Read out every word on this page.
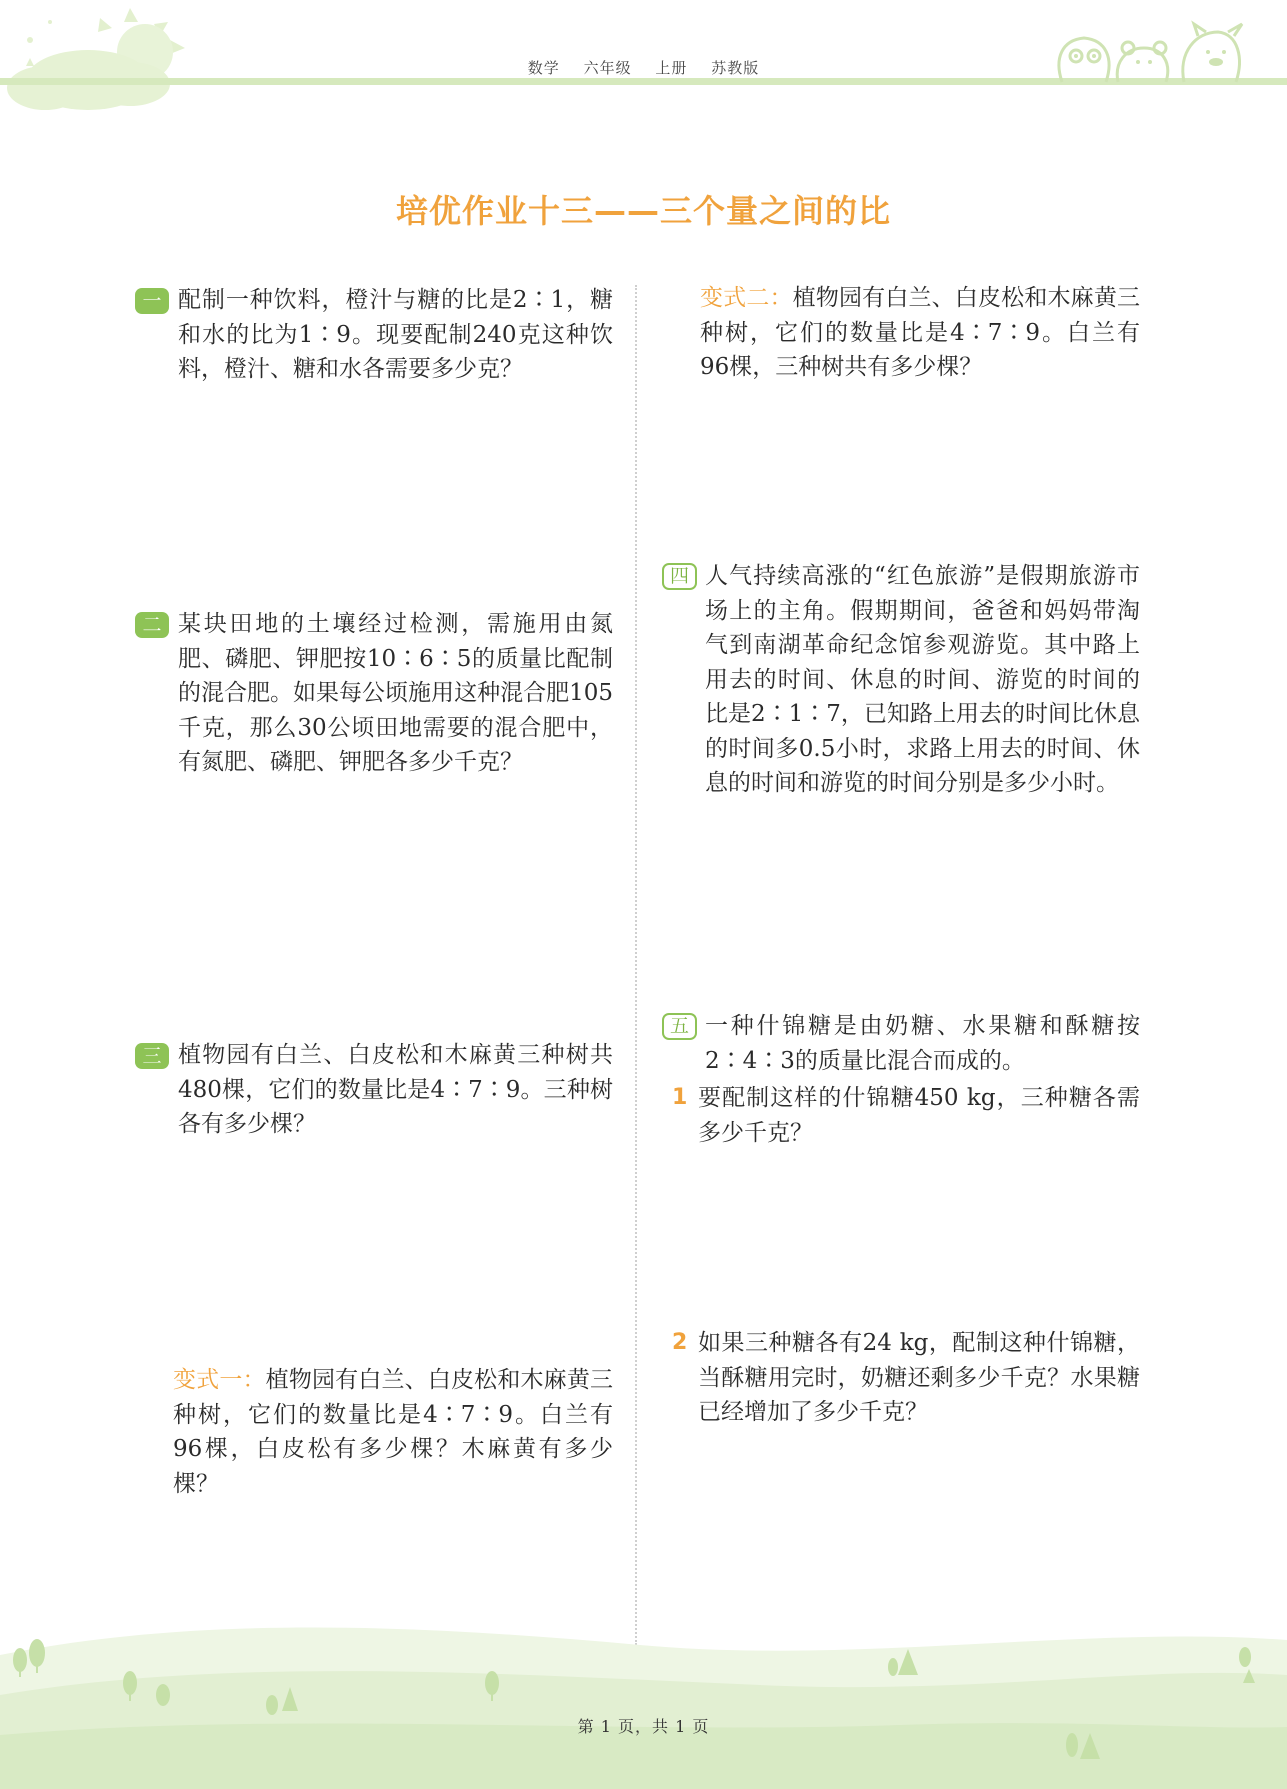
数学 六年级 上册 苏教版
培优作业十三——三个量之间的比
一 配制一种饮料，橙汁与糖的比是2∶1，糖和水的比为1∶9。现要配制240克这种饮料，橙汁、糖和水各需要多少克？
二 某块田地的土壤经过检测，需施用由氮肥、磷肥、钾肥按10∶6∶5的质量比配制的混合肥。如果每公顷施用这种混合肥105千克，那么30公顷田地需要的混合肥中，有氮肥、磷肥、钾肥各多少千克？
三 植物园有白兰、白皮松和木麻黄三种树共480棵，它们的数量比是4∶7∶9。三种树各有多少棵？
变式一：植物园有白兰、白皮松和木麻黄三种树，它们的数量比是4∶7∶9。白兰有96棵，白皮松有多少棵？木麻黄有多少棵？
变式二：植物园有白兰、白皮松和木麻黄三种树，它们的数量比是4∶7∶9。白兰有96棵，三种树共有多少棵？
四 人气持续高涨的“红色旅游”是假期旅游市场上的主角。假期期间，爸爸和妈妈带淘气到南湖革命纪念馆参观游览。其中路上用去的时间、休息的时间、游览的时间的比是2∶1∶7，已知路上用去的时间比休息的时间多0.5小时，求路上用去的时间、休息的时间和游览的时间分别是多少小时。
五 一种什锦糖是由奶糖、水果糖和酥糖按2∶4∶3的质量比混合而成的。
1 要配制这样的什锦糖450 kg，三种糖各需多少千克？
2 如果三种糖各有24 kg，配制这种什锦糖，当酥糖用完时，奶糖还剩多少千克？水果糖已经增加了多少千克？
第 1 页，共 1 页
